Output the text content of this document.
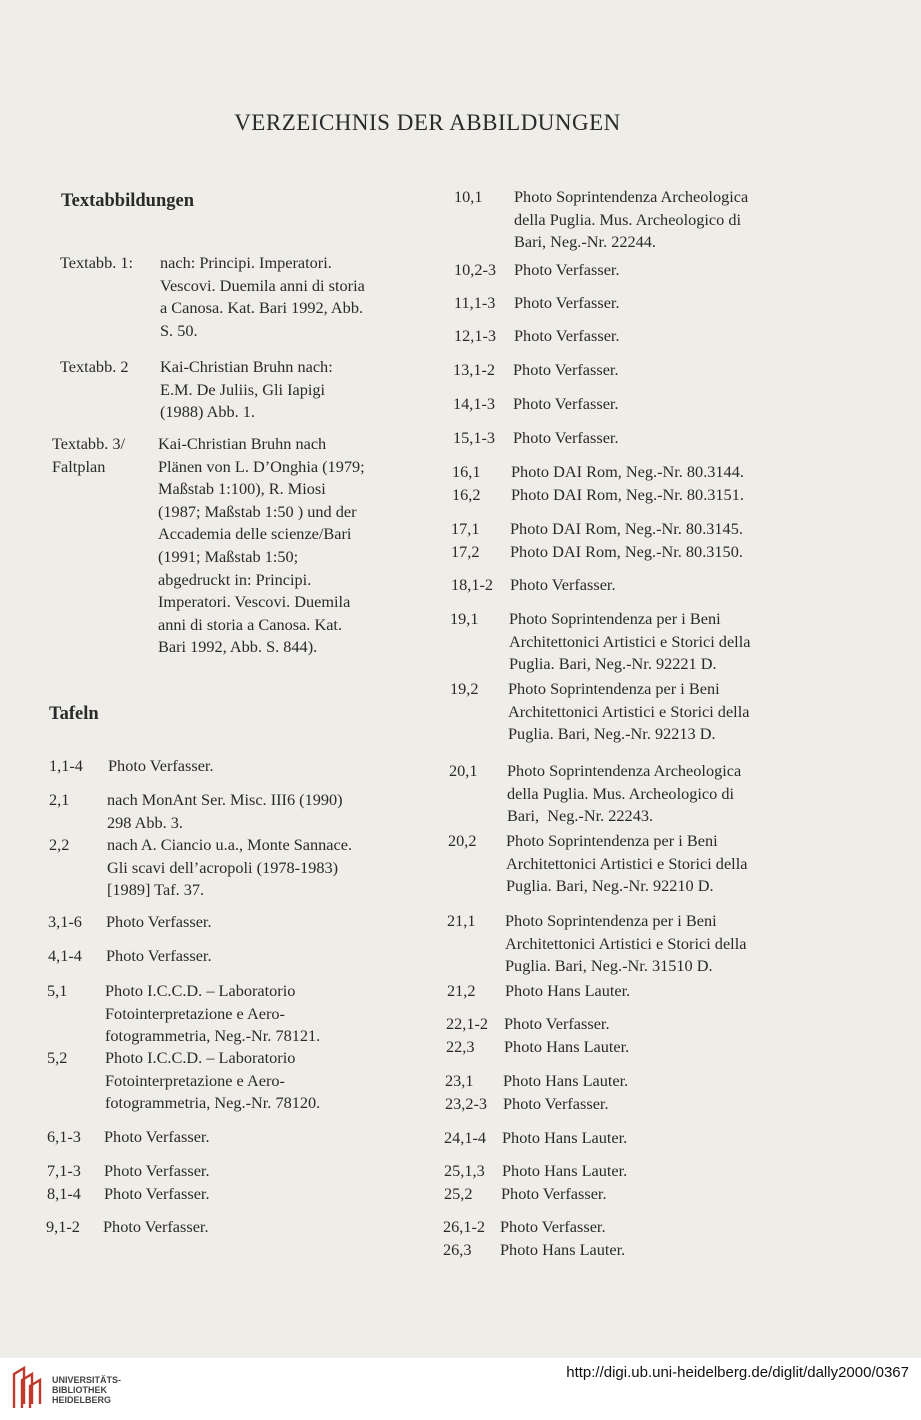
VERZEICHNIS DER ABBILDUNGEN
Textabbildungen
Tafeln
Textabb. 1: nach: Principi. Imperatori.
Vescovi. Duemila anni di storia
a Canosa. Kat. Bari 1992, Abb.
S. 50.
Textabb. 2 Kai-Christian Bruhn nach:
E.M. De Juliis, Gli Iapigi
(1988) Abb. 1.
Textabb. 3/
Faltplan
Kai-Christian Bruhn nach
Plänen von L. D’Onghia (1979;
Maßstab 1:100), R. Miosi
(1987; Maßstab 1:50 ) und der
Accademia delle scienze/Bari
(1991; Maßstab 1:50;
abgedruckt in: Principi.
Imperatori. Vescovi. Duemila
anni di storia a Canosa. Kat.
Bari 1992, Abb. S. 844).
1,1-4 Photo Verfasser.
2,1 nach MonAnt Ser. Misc. III6 (1990)
298 Abb. 3.
2,2 nach A. Ciancio u.a., Monte Sannace.
Gli scavi dell’acropoli (1978-1983)
[1989] Taf. 37.
3,1-6 Photo Verfasser.
4,1-4 Photo Verfasser.
5,1 Photo I.C.C.D. – Laboratorio
Fotointerpretazione e Aero-
fotogrammetria, Neg.-Nr. 78121.
5,2 Photo I.C.C.D. – Laboratorio
Fotointerpretazione e Aero-
fotogrammetria, Neg.-Nr. 78120.
6,1-3 Photo Verfasser.
7,1-3 Photo Verfasser.
8,1-4 Photo Verfasser.
9,1-2 Photo Verfasser.
10,1 Photo Soprintendenza Archeologica
della Puglia. Mus. Archeologico di
Bari, Neg.-Nr. 22244.
10,2-3 Photo Verfasser.
11,1-3 Photo Verfasser.
12,1-3 Photo Verfasser.
13,1-2 Photo Verfasser.
14,1-3 Photo Verfasser.
15,1-3 Photo Verfasser.
16,1 Photo DAI Rom, Neg.-Nr. 80.3144.
16,2 Photo DAI Rom, Neg.-Nr. 80.3151.
17,1 Photo DAI Rom, Neg.-Nr. 80.3145.
17,2 Photo DAI Rom, Neg.-Nr. 80.3150.
18,1-2 Photo Verfasser.
19,1 Photo Soprintendenza per i Beni
Architettonici Artistici e Storici della
Puglia. Bari, Neg.-Nr. 92221 D.
19,2 Photo Soprintendenza per i Beni
Architettonici Artistici e Storici della
Puglia. Bari, Neg.-Nr. 92213 D.
20,1 Photo Soprintendenza Archeologica
della Puglia. Mus. Archeologico di
Bari,  Neg.-Nr. 22243.
20,2 Photo Soprintendenza per i Beni
Architettonici Artistici e Storici della
Puglia. Bari, Neg.-Nr. 92210 D.
21,1 Photo Soprintendenza per i Beni
Architettonici Artistici e Storici della
Puglia. Bari, Neg.-Nr. 31510 D.
21,2 Photo Hans Lauter.
22,1-2 Photo Verfasser.
22,3 Photo Hans Lauter.
23,1 Photo Hans Lauter.
23,2-3 Photo Verfasser.
24,1-4 Photo Hans Lauter.
25,1,3 Photo Hans Lauter.
25,2 Photo Verfasser.
26,1-2 Photo Verfasser.
26,3 Photo Hans Lauter.
UNIVERSITÄTS-
BIBLIOTHEK
HEIDELBERG
http://digi.ub.uni-heidelberg.de/diglit/dally2000/0367
